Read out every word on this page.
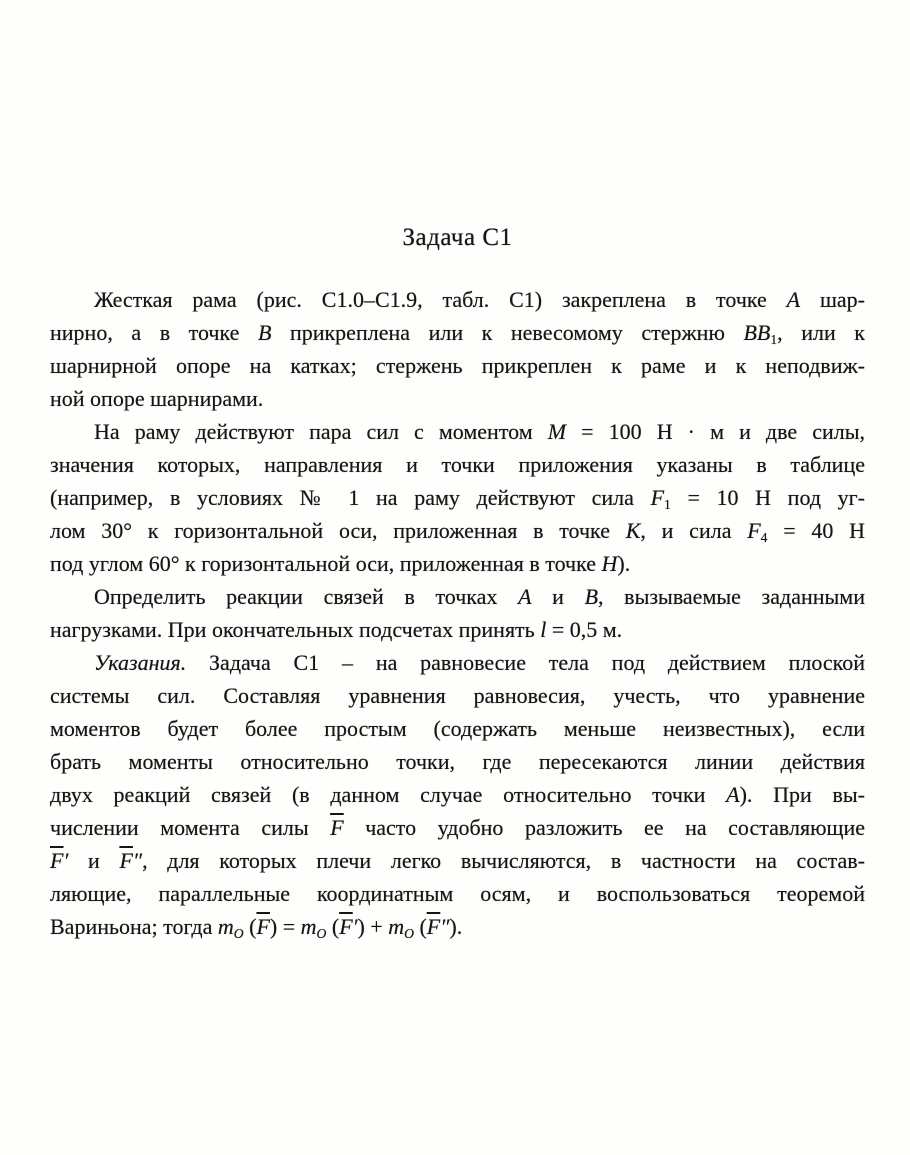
Задача С1

Жесткая рама (рис. С1.0–С1.9, табл. С1) закреплена в точке A шар-
нирно, а в точке B прикреплена или к невесомому стержню $BB_1$, или к
шарнирной опоре на катках; стержень прикреплен к раме и к неподвиж-
ной опоре шарнирами.

На раму действуют пара сил с моментом M = 100 Н · м и две силы,
значения которых, направления и точки приложения указаны в таблице
(например, в условиях № 1 на раму действуют сила $F_1 = 10$ Н под уг-
лом 30° к горизонтальной оси, приложенная в точке K, и сила $F_4 = 40$ Н
под углом 60° к горизонтальной оси, приложенная в точке H).

Определить реакции связей в точках A и B, вызываемые заданными
нагрузками. При окончательных подсчетах принять l = 0,5 м.

Указания. Задача С1 – на равновесие тела под действием плоской
системы сил. Составляя уравнения равновесия, учесть, что уравнение
моментов будет более простым (содержать меньше неизвестных), если
брать моменты относительно точки, где пересекаются линии действия
двух реакций связей (в данном случае относительно точки A). При вы-
числении момента силы $\overline{F}$ часто удобно разложить ее на составляющие
$\overline{F}'$ и $\overline{F}''$, для которых плечи легко вычисляются, в частности на состав-
ляющие, параллельные координатным осям, и воспользоваться теоремой
Вариньона; тогда $m_O$ $(\overline{F}) = m_O$ $(\overline{F}') + m_O$ $(\overline{F}'')$.
